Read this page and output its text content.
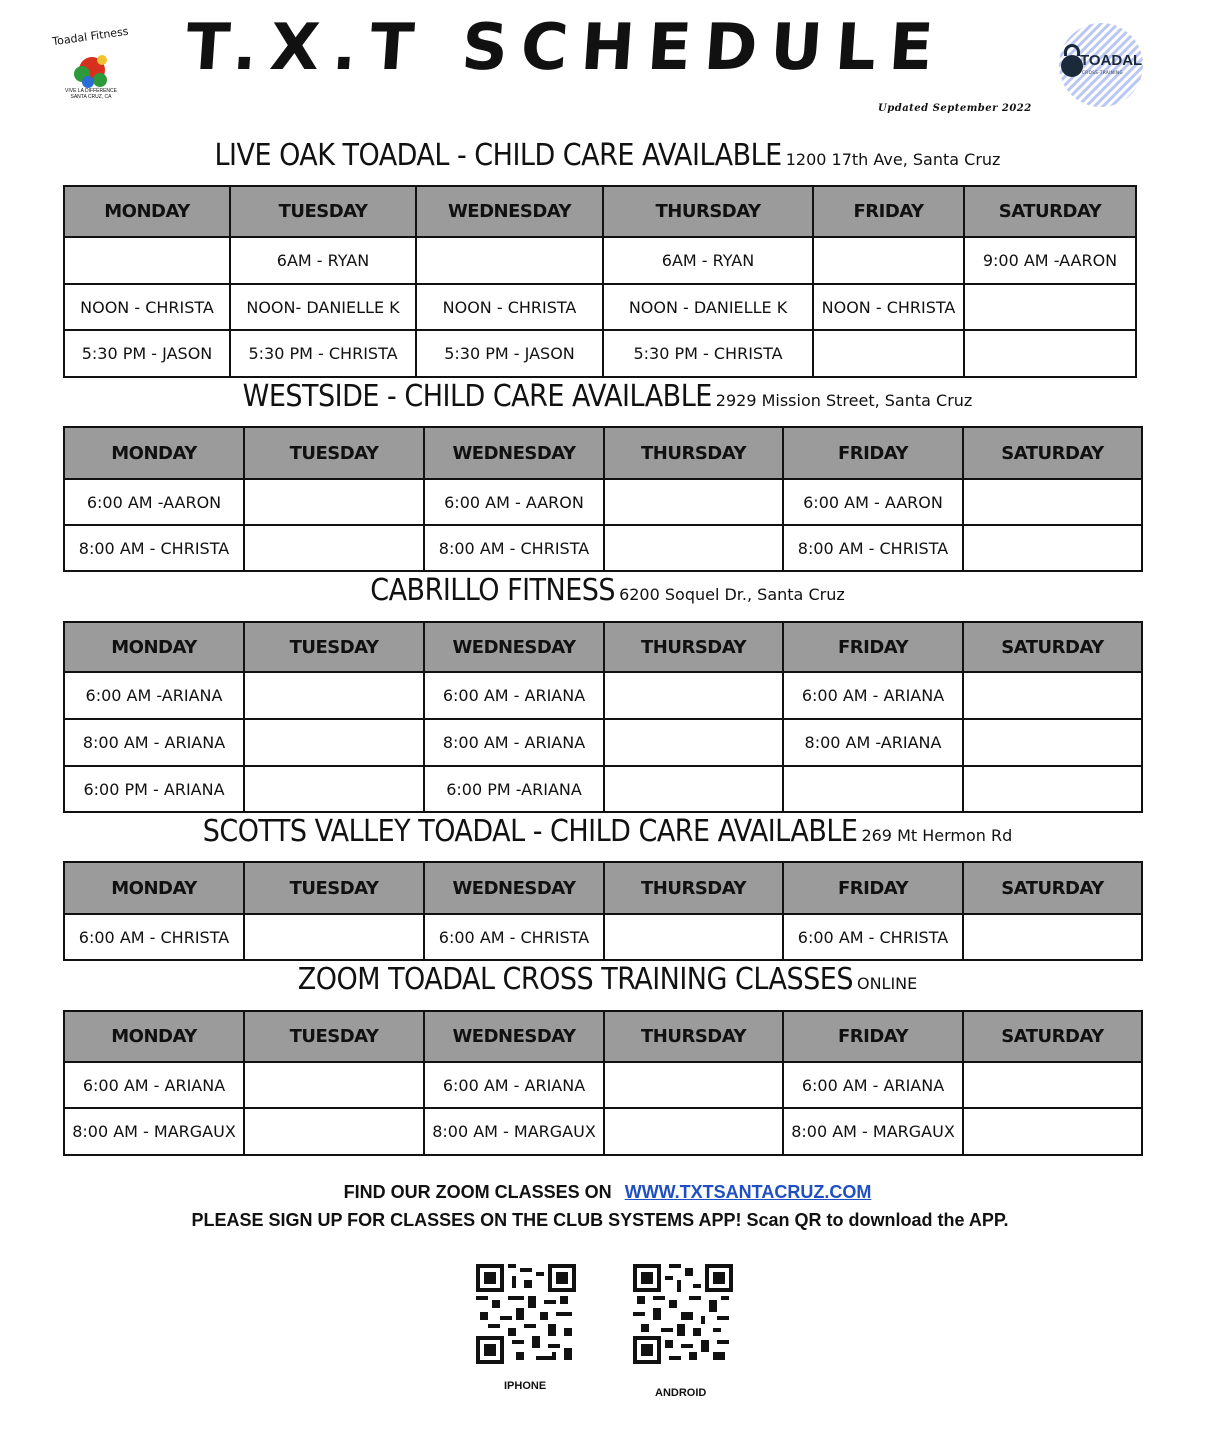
Toadal Fitness
VIVE LA DIFFÉRENCE
SANTA CRUZ, CA
T.X.T SCHEDULE
Updated September 2022
TOADAL
CROSS-TRAINING
LIVE OAK TOADAL - CHILD CARE AVAILABLE 1200 17th Ave, Santa Cruz
MONDAY	TUESDAY	WEDNESDAY	THURSDAY	FRIDAY	SATURDAY
	6AM - RYAN		6AM - RYAN		9:00 AM -AARON
NOON - CHRISTA	NOON- DANIELLE K	NOON - CHRISTA	NOON - DANIELLE K	NOON - CHRISTA	
5:30 PM - JASON	5:30 PM - CHRISTA	5:30 PM - JASON	5:30 PM - CHRISTA		
WESTSIDE - CHILD CARE AVAILABLE 2929 Mission Street, Santa Cruz
MONDAY	TUESDAY	WEDNESDAY	THURSDAY	FRIDAY	SATURDAY
6:00 AM -AARON		6:00 AM - AARON		6:00 AM - AARON	
8:00 AM - CHRISTA		8:00 AM - CHRISTA		8:00 AM - CHRISTA	
CABRILLO FITNESS 6200 Soquel Dr., Santa Cruz
MONDAY	TUESDAY	WEDNESDAY	THURSDAY	FRIDAY	SATURDAY
6:00 AM -ARIANA		6:00 AM - ARIANA		6:00 AM - ARIANA	
8:00 AM - ARIANA		8:00 AM - ARIANA		8:00 AM -ARIANA	
6:00 PM - ARIANA		6:00 PM -ARIANA			
SCOTTS VALLEY TOADAL - CHILD CARE AVAILABLE 269 Mt Hermon Rd
MONDAY	TUESDAY	WEDNESDAY	THURSDAY	FRIDAY	SATURDAY
6:00 AM - CHRISTA		6:00 AM - CHRISTA		6:00 AM - CHRISTA	
ZOOM TOADAL CROSS TRAINING CLASSES ONLINE
MONDAY	TUESDAY	WEDNESDAY	THURSDAY	FRIDAY	SATURDAY
6:00 AM - ARIANA		6:00 AM - ARIANA		6:00 AM - ARIANA	
8:00 AM - MARGAUX		8:00 AM - MARGAUX		8:00 AM - MARGAUX	
FIND OUR ZOOM CLASSES ON WWW.TXTSANTACRUZ.COM
PLEASE SIGN UP FOR CLASSES ON THE CLUB SYSTEMS APP! Scan QR to download the APP.
IPHONE
ANDROID
